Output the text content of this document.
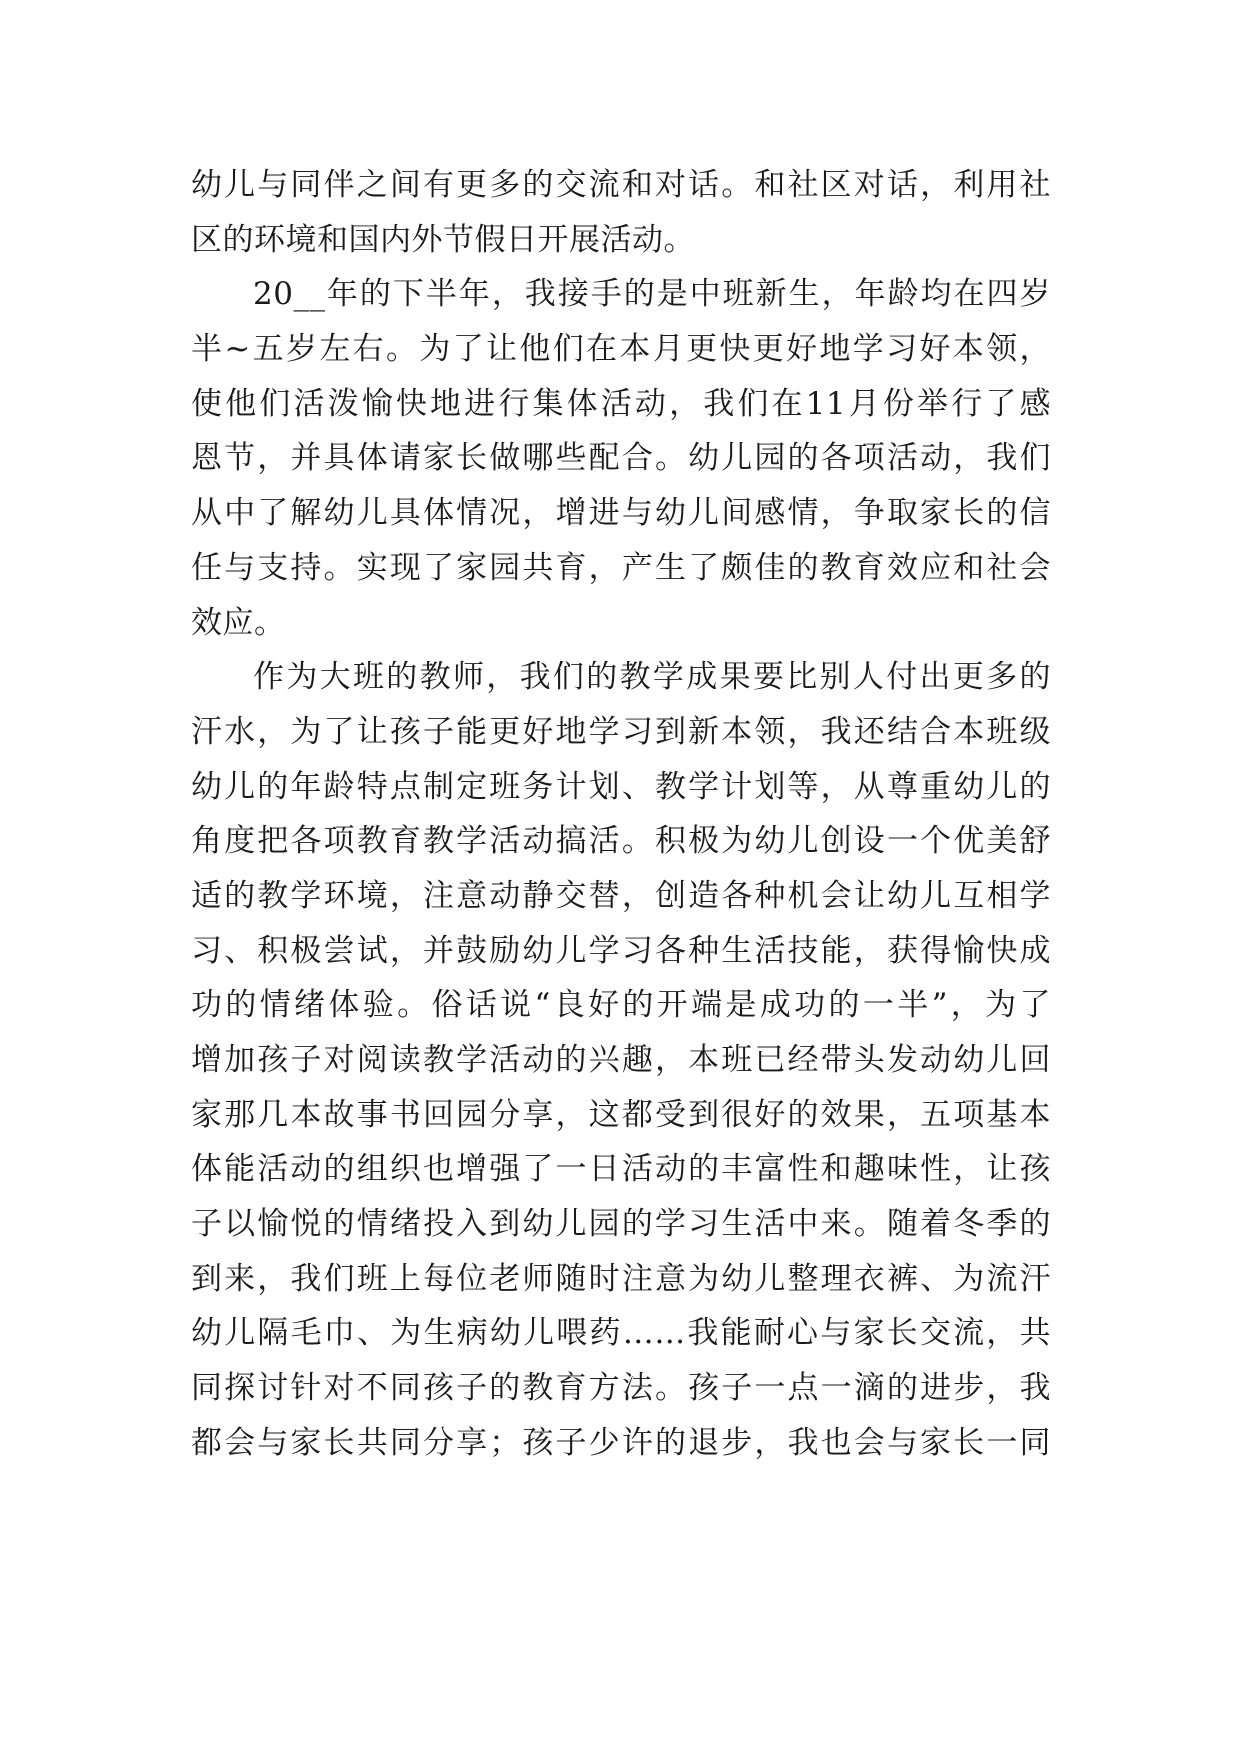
幼儿与同伴之间有更多的交流和对话。和社区对话，利用社
区的环境和国内外节假日开展活动。
20__年的下半年，我接手的是中班新生，年龄均在四岁
半~五岁左右。为了让他们在本月更快更好地学习好本领，
使他们活泼愉快地进行集体活动，我们在11月份举行了感
恩节，并具体请家长做哪些配合。幼儿园的各项活动，我们
从中了解幼儿具体情况，增进与幼儿间感情，争取家长的信
任与支持。实现了家园共育，产生了颇佳的教育效应和社会
效应。
作为大班的教师，我们的教学成果要比别人付出更多的
汗水，为了让孩子能更好地学习到新本领，我还结合本班级
幼儿的年龄特点制定班务计划、教学计划等，从尊重幼儿的
角度把各项教育教学活动搞活。积极为幼儿创设一个优美舒
适的教学环境，注意动静交替，创造各种机会让幼儿互相学
习、积极尝试，并鼓励幼儿学习各种生活技能，获得愉快成
功的情绪体验。俗话说“良好的开端是成功的一半”，为了
增加孩子对阅读教学活动的兴趣，本班已经带头发动幼儿回
家那几本故事书回园分享，这都受到很好的效果，五项基本
体能活动的组织也增强了一日活动的丰富性和趣味性，让孩
子以愉悦的情绪投入到幼儿园的学习生活中来。随着冬季的
到来，我们班上每位老师随时注意为幼儿整理衣裤、为流汗
幼儿隔毛巾、为生病幼儿喂药……我能耐心与家长交流，共
同探讨针对不同孩子的教育方法。孩子一点一滴的进步，我
都会与家长共同分享；孩子少许的退步，我也会与家长一同
